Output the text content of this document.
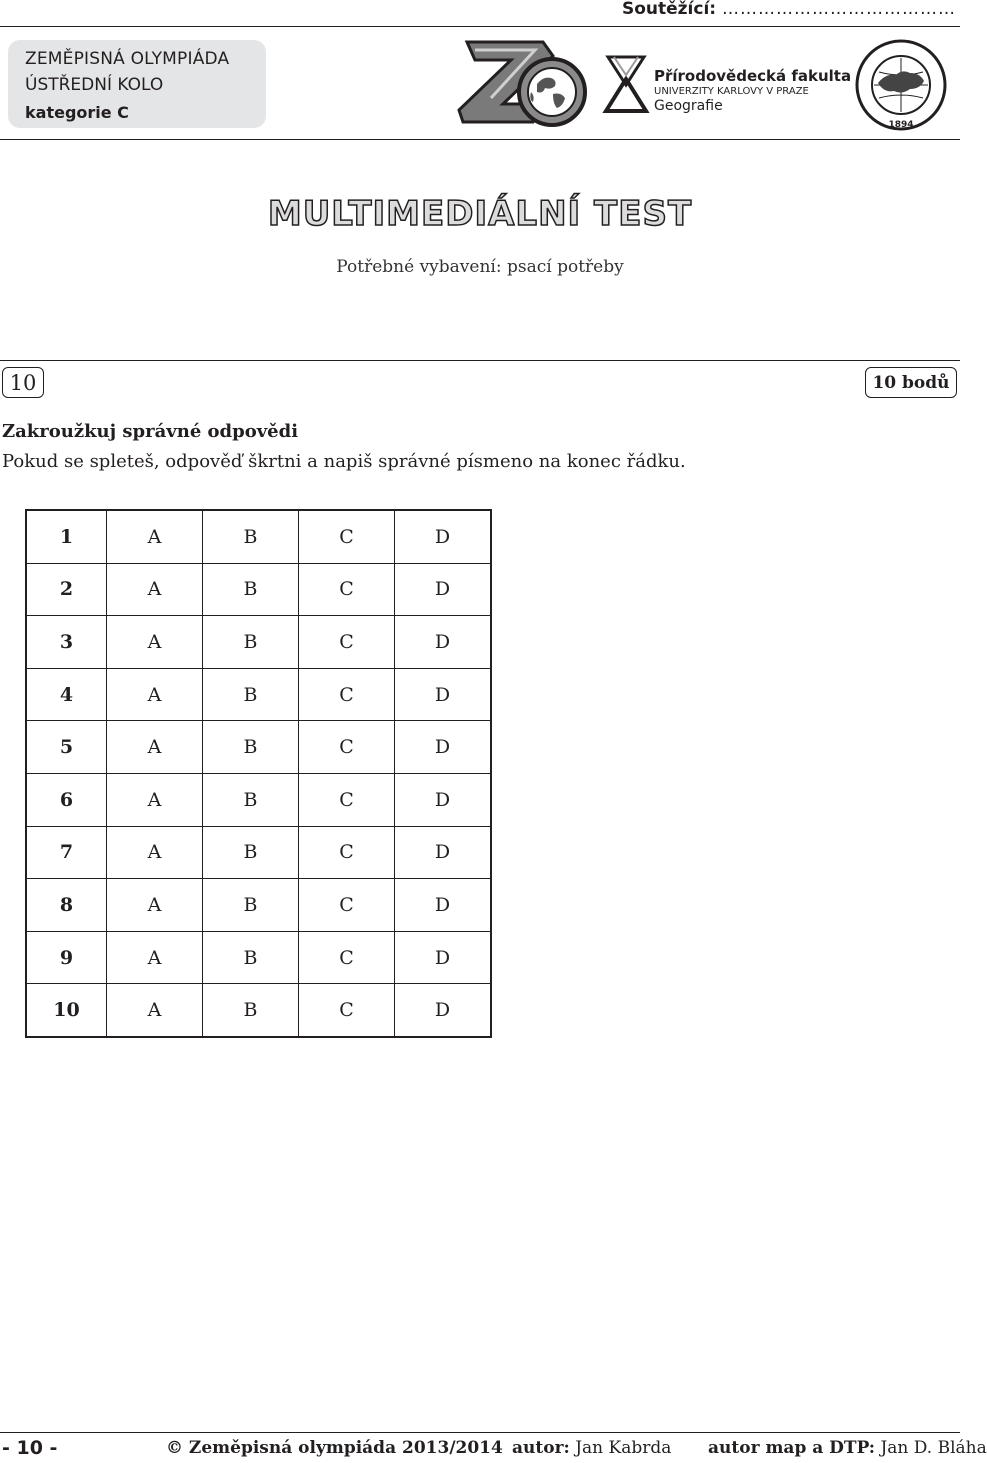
Soutěžící: …………………………………
ZEMĚPISNÁ OLYMPIÁDA
ÚSTŘEDNÍ KOLO
kategorie C
Přírodovědecká fakulta
UNIVERZITY KARLOVY V PRAZE
Geografie
1894
MULTIMEDIÁLNÍ TEST
Potřebné vybavení: psací potřeby
10	10 bodů
Zakroužkuj správné odpovědi
Pokud se spleteš, odpověď škrtni a napiš správné písmeno na konec řádku.
1	A	B	C	D
2	A	B	C	D
3	A	B	C	D
4	A	B	C	D
5	A	B	C	D
6	A	B	C	D
7	A	B	C	D
8	A	B	C	D
9	A	B	C	D
10	A	B	C	D
- 10 -	© Zeměpisná olympiáda 2013/2014 autor: Jan Kabrda autor map a DTP: Jan D. Bláha
